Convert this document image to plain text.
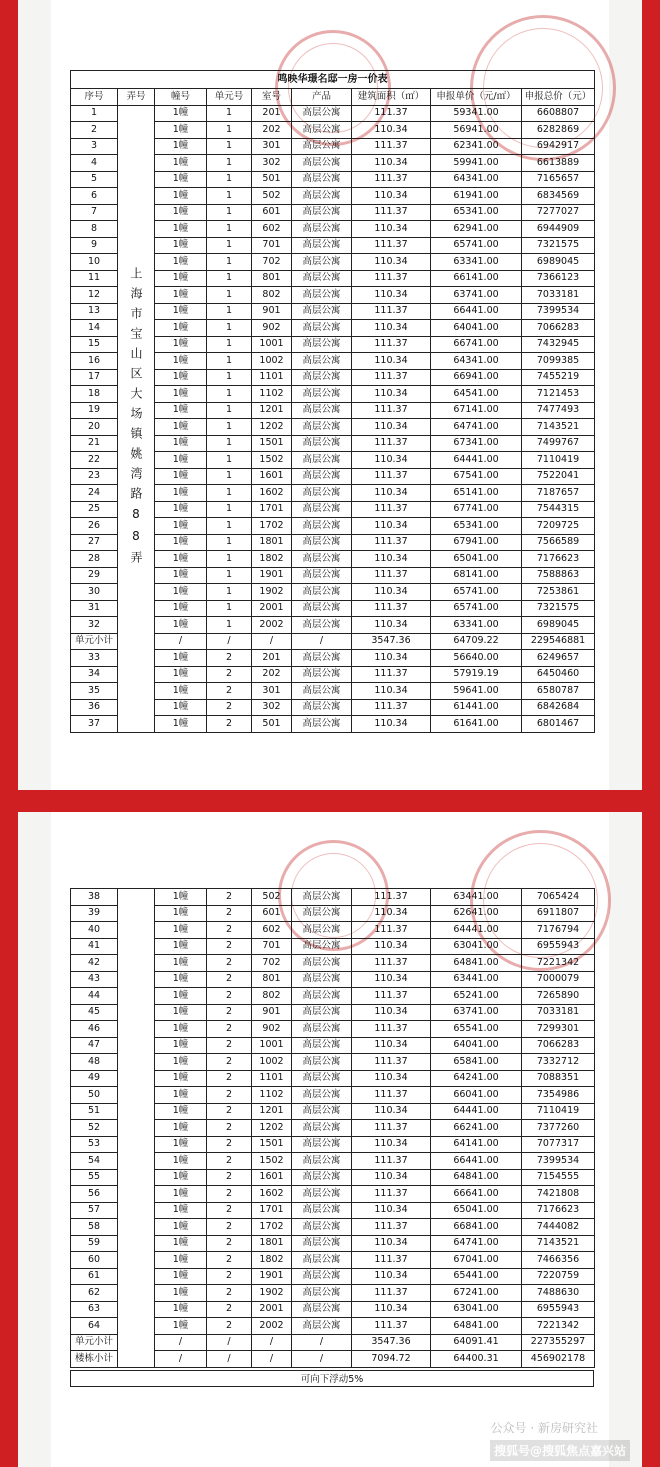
鸣映华璟名邸一房一价表								
序号	弄号	幢号	单元号	室号	产品	建筑面积（㎡）	申报单价（元/㎡）	申报总价（元）
1	上海市宝山区大场镇姚湾路88弄	1幢	1	201	高层公寓	111.37	59341.00	6608807
2		1幢	1	202	高层公寓	110.34	56941.00	6282869
3		1幢	1	301	高层公寓	111.37	62341.00	6942917
4		1幢	1	302	高层公寓	110.34	59941.00	6613889
5		1幢	1	501	高层公寓	111.37	64341.00	7165657
6		1幢	1	502	高层公寓	110.34	61941.00	6834569
7		1幢	1	601	高层公寓	111.37	65341.00	7277027
8		1幢	1	602	高层公寓	110.34	62941.00	6944909
9		1幢	1	701	高层公寓	111.37	65741.00	7321575
10		1幢	1	702	高层公寓	110.34	63341.00	6989045
11		1幢	1	801	高层公寓	111.37	66141.00	7366123
12		1幢	1	802	高层公寓	110.34	63741.00	7033181
13		1幢	1	901	高层公寓	111.37	66441.00	7399534
14		1幢	1	902	高层公寓	110.34	64041.00	7066283
15		1幢	1	1001	高层公寓	111.37	66741.00	7432945
16		1幢	1	1002	高层公寓	110.34	64341.00	7099385
17		1幢	1	1101	高层公寓	111.37	66941.00	7455219
18		1幢	1	1102	高层公寓	110.34	64541.00	7121453
19		1幢	1	1201	高层公寓	111.37	67141.00	7477493
20		1幢	1	1202	高层公寓	110.34	64741.00	7143521
21		1幢	1	1501	高层公寓	111.37	67341.00	7499767
22		1幢	1	1502	高层公寓	110.34	64441.00	7110419
23		1幢	1	1601	高层公寓	111.37	67541.00	7522041
24		1幢	1	1602	高层公寓	110.34	65141.00	7187657
25		1幢	1	1701	高层公寓	111.37	67741.00	7544315
26		1幢	1	1702	高层公寓	110.34	65341.00	7209725
27		1幢	1	1801	高层公寓	111.37	67941.00	7566589
28		1幢	1	1802	高层公寓	110.34	65041.00	7176623
29		1幢	1	1901	高层公寓	111.37	68141.00	7588863
30		1幢	1	1902	高层公寓	110.34	65741.00	7253861
31		1幢	1	2001	高层公寓	111.37	65741.00	7321575
32		1幢	1	2002	高层公寓	110.34	63341.00	6989045
单元小计		/	/	/	/	3547.36	64709.22	229546881
33		1幢	2	201	高层公寓	110.34	56640.00	6249657
34		1幢	2	202	高层公寓	111.37	57919.19	6450460
35		1幢	2	301	高层公寓	110.34	59641.00	6580787
36		1幢	2	302	高层公寓	111.37	61441.00	6842684
37		1幢	2	501	高层公寓	110.34	61641.00	6801467
38		1幢	2	502	高层公寓	111.37	63441.00	7065424
39		1幢	2	601	高层公寓	110.34	62641.00	6911807
40		1幢	2	602	高层公寓	111.37	64441.00	7176794
41		1幢	2	701	高层公寓	110.34	63041.00	6955943
42		1幢	2	702	高层公寓	111.37	64841.00	7221342
43		1幢	2	801	高层公寓	110.34	63441.00	7000079
44		1幢	2	802	高层公寓	111.37	65241.00	7265890
45		1幢	2	901	高层公寓	110.34	63741.00	7033181
46		1幢	2	902	高层公寓	111.37	65541.00	7299301
47		1幢	2	1001	高层公寓	110.34	64041.00	7066283
48		1幢	2	1002	高层公寓	111.37	65841.00	7332712
49		1幢	2	1101	高层公寓	110.34	64241.00	7088351
50		1幢	2	1102	高层公寓	111.37	66041.00	7354986
51		1幢	2	1201	高层公寓	110.34	64441.00	7110419
52		1幢	2	1202	高层公寓	111.37	66241.00	7377260
53		1幢	2	1501	高层公寓	110.34	64141.00	7077317
54		1幢	2	1502	高层公寓	111.37	66441.00	7399534
55		1幢	2	1601	高层公寓	110.34	64841.00	7154555
56		1幢	2	1602	高层公寓	111.37	66641.00	7421808
57		1幢	2	1701	高层公寓	110.34	65041.00	7176623
58		1幢	2	1702	高层公寓	111.37	66841.00	7444082
59		1幢	2	1801	高层公寓	110.34	64741.00	7143521
60		1幢	2	1802	高层公寓	111.37	67041.00	7466356
61		1幢	2	1901	高层公寓	110.34	65441.00	7220759
62		1幢	2	1902	高层公寓	111.37	67241.00	7488630
63		1幢	2	2001	高层公寓	110.34	63041.00	6955943
64		1幢	2	2002	高层公寓	111.37	64841.00	7221342
单元小计		/	/	/	/	3547.36	64091.41	227355297
楼栋小计		/	/	/	/	7094.72	64400.31	456902178
可向下浮动5%
公众号 · 新房研究社
搜狐号@搜狐焦点嘉兴站
